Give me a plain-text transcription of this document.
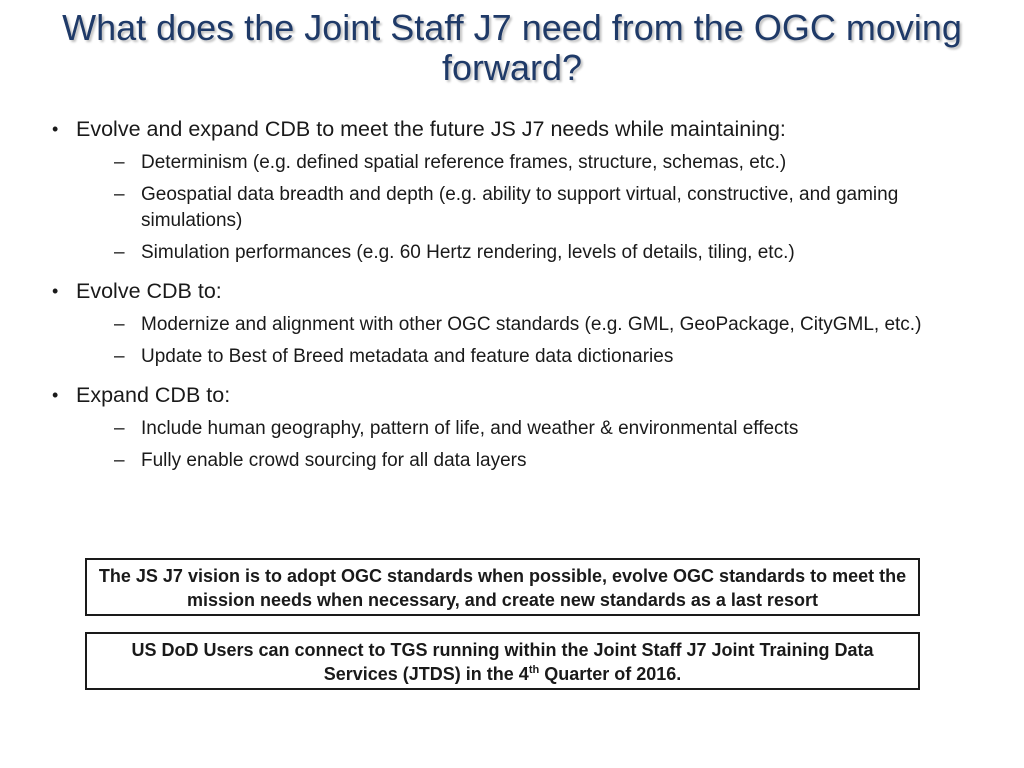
What does the Joint Staff J7 need from the OGC moving forward?
• Evolve and expand CDB to meet the future JS J7 needs while maintaining:
– Determinism (e.g. defined spatial reference frames, structure, schemas, etc.)
– Geospatial data breadth and depth (e.g. ability to support virtual, constructive, and gaming simulations)
– Simulation performances (e.g. 60 Hertz rendering, levels of details, tiling, etc.)
• Evolve CDB to:
– Modernize and alignment with other OGC standards (e.g. GML, GeoPackage, CityGML, etc.)
– Update to Best of Breed metadata and feature data dictionaries
• Expand CDB to:
– Include human geography, pattern of life, and weather & environmental effects
– Fully enable crowd sourcing for all data layers
The JS J7 vision is to adopt OGC standards when possible, evolve OGC standards to meet the mission needs when necessary, and create new standards as a last resort
US DoD Users can connect to TGS running within the Joint Staff J7 Joint Training Data Services (JTDS) in the 4th Quarter of 2016.
